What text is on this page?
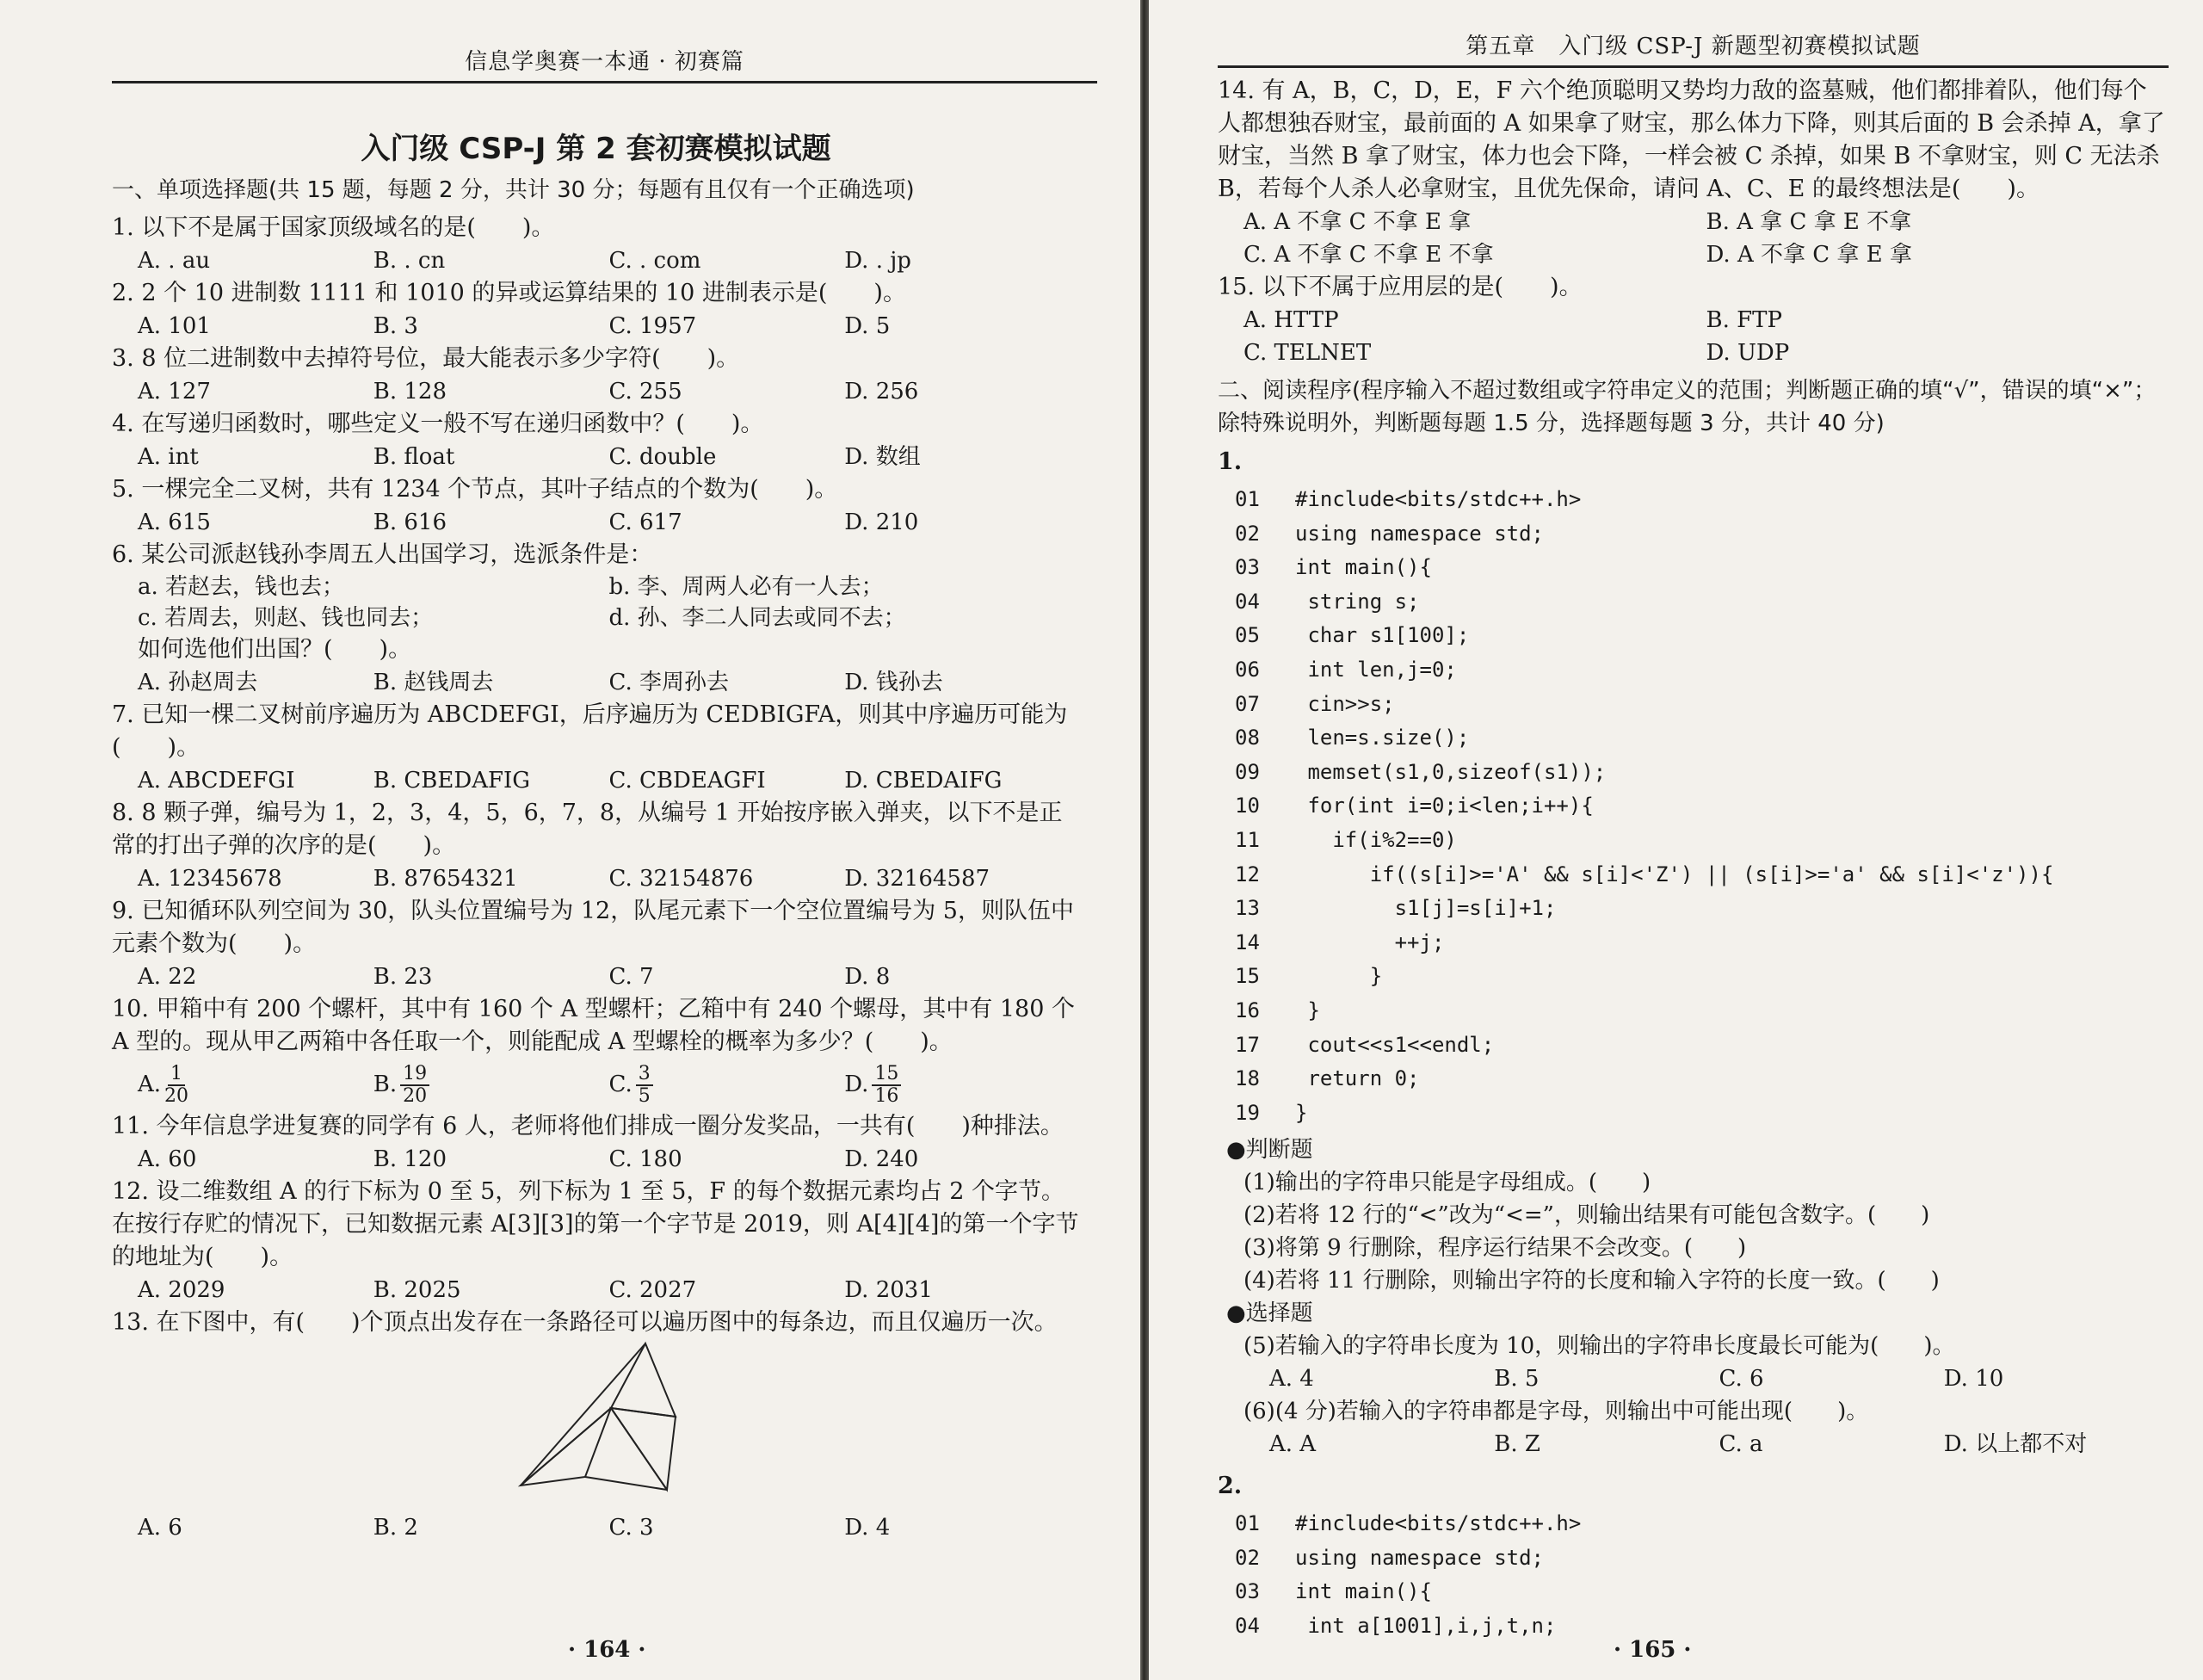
信息学奥赛一本通 · 初赛篇
入门级 CSP-J 第 2 套初赛模拟试题
一、单项选择题(共 15 题，每题 2 分，共计 30 分；每题有且仅有一个正确选项)

1. 以下不是属于国家顶级域名的是(　　)。

A. . au	B. . cn	C. . com	D. . jp

2. 2 个 10 进制数 1111 和 1010 的异或运算结果的 10 进制表示是(　　)。

A. 101	B. 3	C. 1957	D. 5

3. 8 位二进制数中去掉符号位，最大能表示多少字符(　　)。

A. 127	B. 128	C. 255	D. 256

4. 在写递归函数时，哪些定义一般不写在递归函数中？(　　)。

A. int	B. float	C. double	D. 数组

5. 一棵完全二叉树，共有 1234 个节点，其叶子结点的个数为(　　)。

A. 615	B. 616	C. 617	D. 210

6. 某公司派赵钱孙李周五人出国学习，选派条件是：

a. 若赵去，钱也去；	b. 李、周两人必有一人去；
c. 若周去，则赵、钱也同去；	d. 孙、李二人同去或同不去；

如何选他们出国？(　　)。

A. 孙赵周去	B. 赵钱周去	C. 李周孙去	D. 钱孙去

7. 已知一棵二叉树前序遍历为 ABCDEFGI，后序遍历为 CEDBIGFA，则其中序遍历可能为(　　)。

A. ABCDEFGI	B. CBEDAFIG	C. CBDEAGFI	D. CBEDAIFG

8. 8 颗子弹，编号为 1，2，3，4，5，6，7，8，从编号 1 开始按序嵌入弹夹，以下不是正常的打出子弹的次序的是(　　)。

A. 12345678	B. 87654321	C. 32154876	D. 32164587

9. 已知循环队列空间为 30，队头位置编号为 12，队尾元素下一个空位置编号为 5，则队伍中元素个数为(　　)。

A. 22	B. 23	C. 7	D. 8

10. 甲箱中有 200 个螺杆，其中有 160 个 A 型螺杆；乙箱中有 240 个螺母，其中有 180 个 A 型的。现从甲乙两箱中各任取一个，则能配成 A 型螺栓的概率为多少？(　　)。

A. $\frac{1}{20}$	B. $\frac{19}{20}$	C. $\frac{3}{5}$	D. $\frac{15}{16}$

11. 今年信息学进复赛的同学有 6 人，老师将他们排成一圈分发奖品，一共有(　　)种排法。

A. 60	B. 120	C. 180	D. 240

12. 设二维数组 A 的行下标为 0 至 5，列下标为 1 至 5，F 的每个数据元素均占 2 个字节。在按行存贮的情况下，已知数据元素 A[3][3]的第一个字节是 2019，则 A[4][4]的第一个字节的地址为(　　)。

A. 2029	B. 2025	C. 2027	D. 2031

13. 在下图中，有(　　)个顶点出发存在一条路径可以遍历图中的每条边，而且仅遍历一次。

A. 6	B. 2	C. 3	D. 4
· 164 ·
第五章　入门级 CSP-J 新题型初赛模拟试题

14. 有 A，B，C，D，E，F 六个绝顶聪明又势均力敌的盗墓贼，他们都排着队，他们每个人都想独吞财宝，最前面的 A 如果拿了财宝，那么体力下降，则其后面的 B 会杀掉 A，拿了财宝，当然 B 拿了财宝，体力也会下降，一样会被 C 杀掉，如果 B 不拿财宝，则 C 无法杀 B，若每个人杀人必拿财宝，且优先保命，请问 A、C、E 的最终想法是(　　)。

A. A 不拿 C 不拿 E 拿	B. A 拿 C 拿 E 不拿
C. A 不拿 C 不拿 E 不拿	D. A 不拿 C 拿 E 拿

15. 以下不属于应用层的是(　　)。

A. HTTP	B. FTP
C. TELNET	D. UDP
二、阅读程序(程序输入不超过数组或字符串定义的范围；判断题正确的填“√”，错误的填“×”；除特殊说明外，判断题每题 1.5 分，选择题每题 3 分，共计 40 分)
1.
01	#include<bits/stdc++.h>
02	using namespace std;
03	int main(){
04	string s;
05	char s1[100];
06	int len,j=0;
07	cin>>s;
08	len=s.size();
09	memset(s1,0,sizeof(s1));
10	for(int i=0;i<len;i++){
11	if(i%2==0)
12	if((s[i]>='A' && s[i]<'Z') || (s[i]>='a' && s[i]<'z')){
13	s1[j]=s[i]+1;
14	++j;
15	}
16	}
17	cout<<s1<<endl;
18	return 0;
19	}
●判断题
(1)输出的字符串只能是字母组成。(　　)
(2)若将 12 行的“<”改为“<=”，则输出结果有可能包含数字。(　　)
(3)将第 9 行删除，程序运行结果不会改变。(　　)
(4)若将 11 行删除，则输出字符的长度和输入字符的长度一致。(　　)
●选择题
(5)若输入的字符串长度为 10，则输出的字符串长度最长可能为(　　)。
A. 4	B. 5	C. 6	D. 10
(6)(4 分)若输入的字符串都是字母，则输出中可能出现(　　)。
A. A	B. Z	C. a	D. 以上都不对
2.
01	#include<bits/stdc++.h>
02	using namespace std;
03	int main(){
04	int a[1001],i,j,t,n;
· 165 ·
